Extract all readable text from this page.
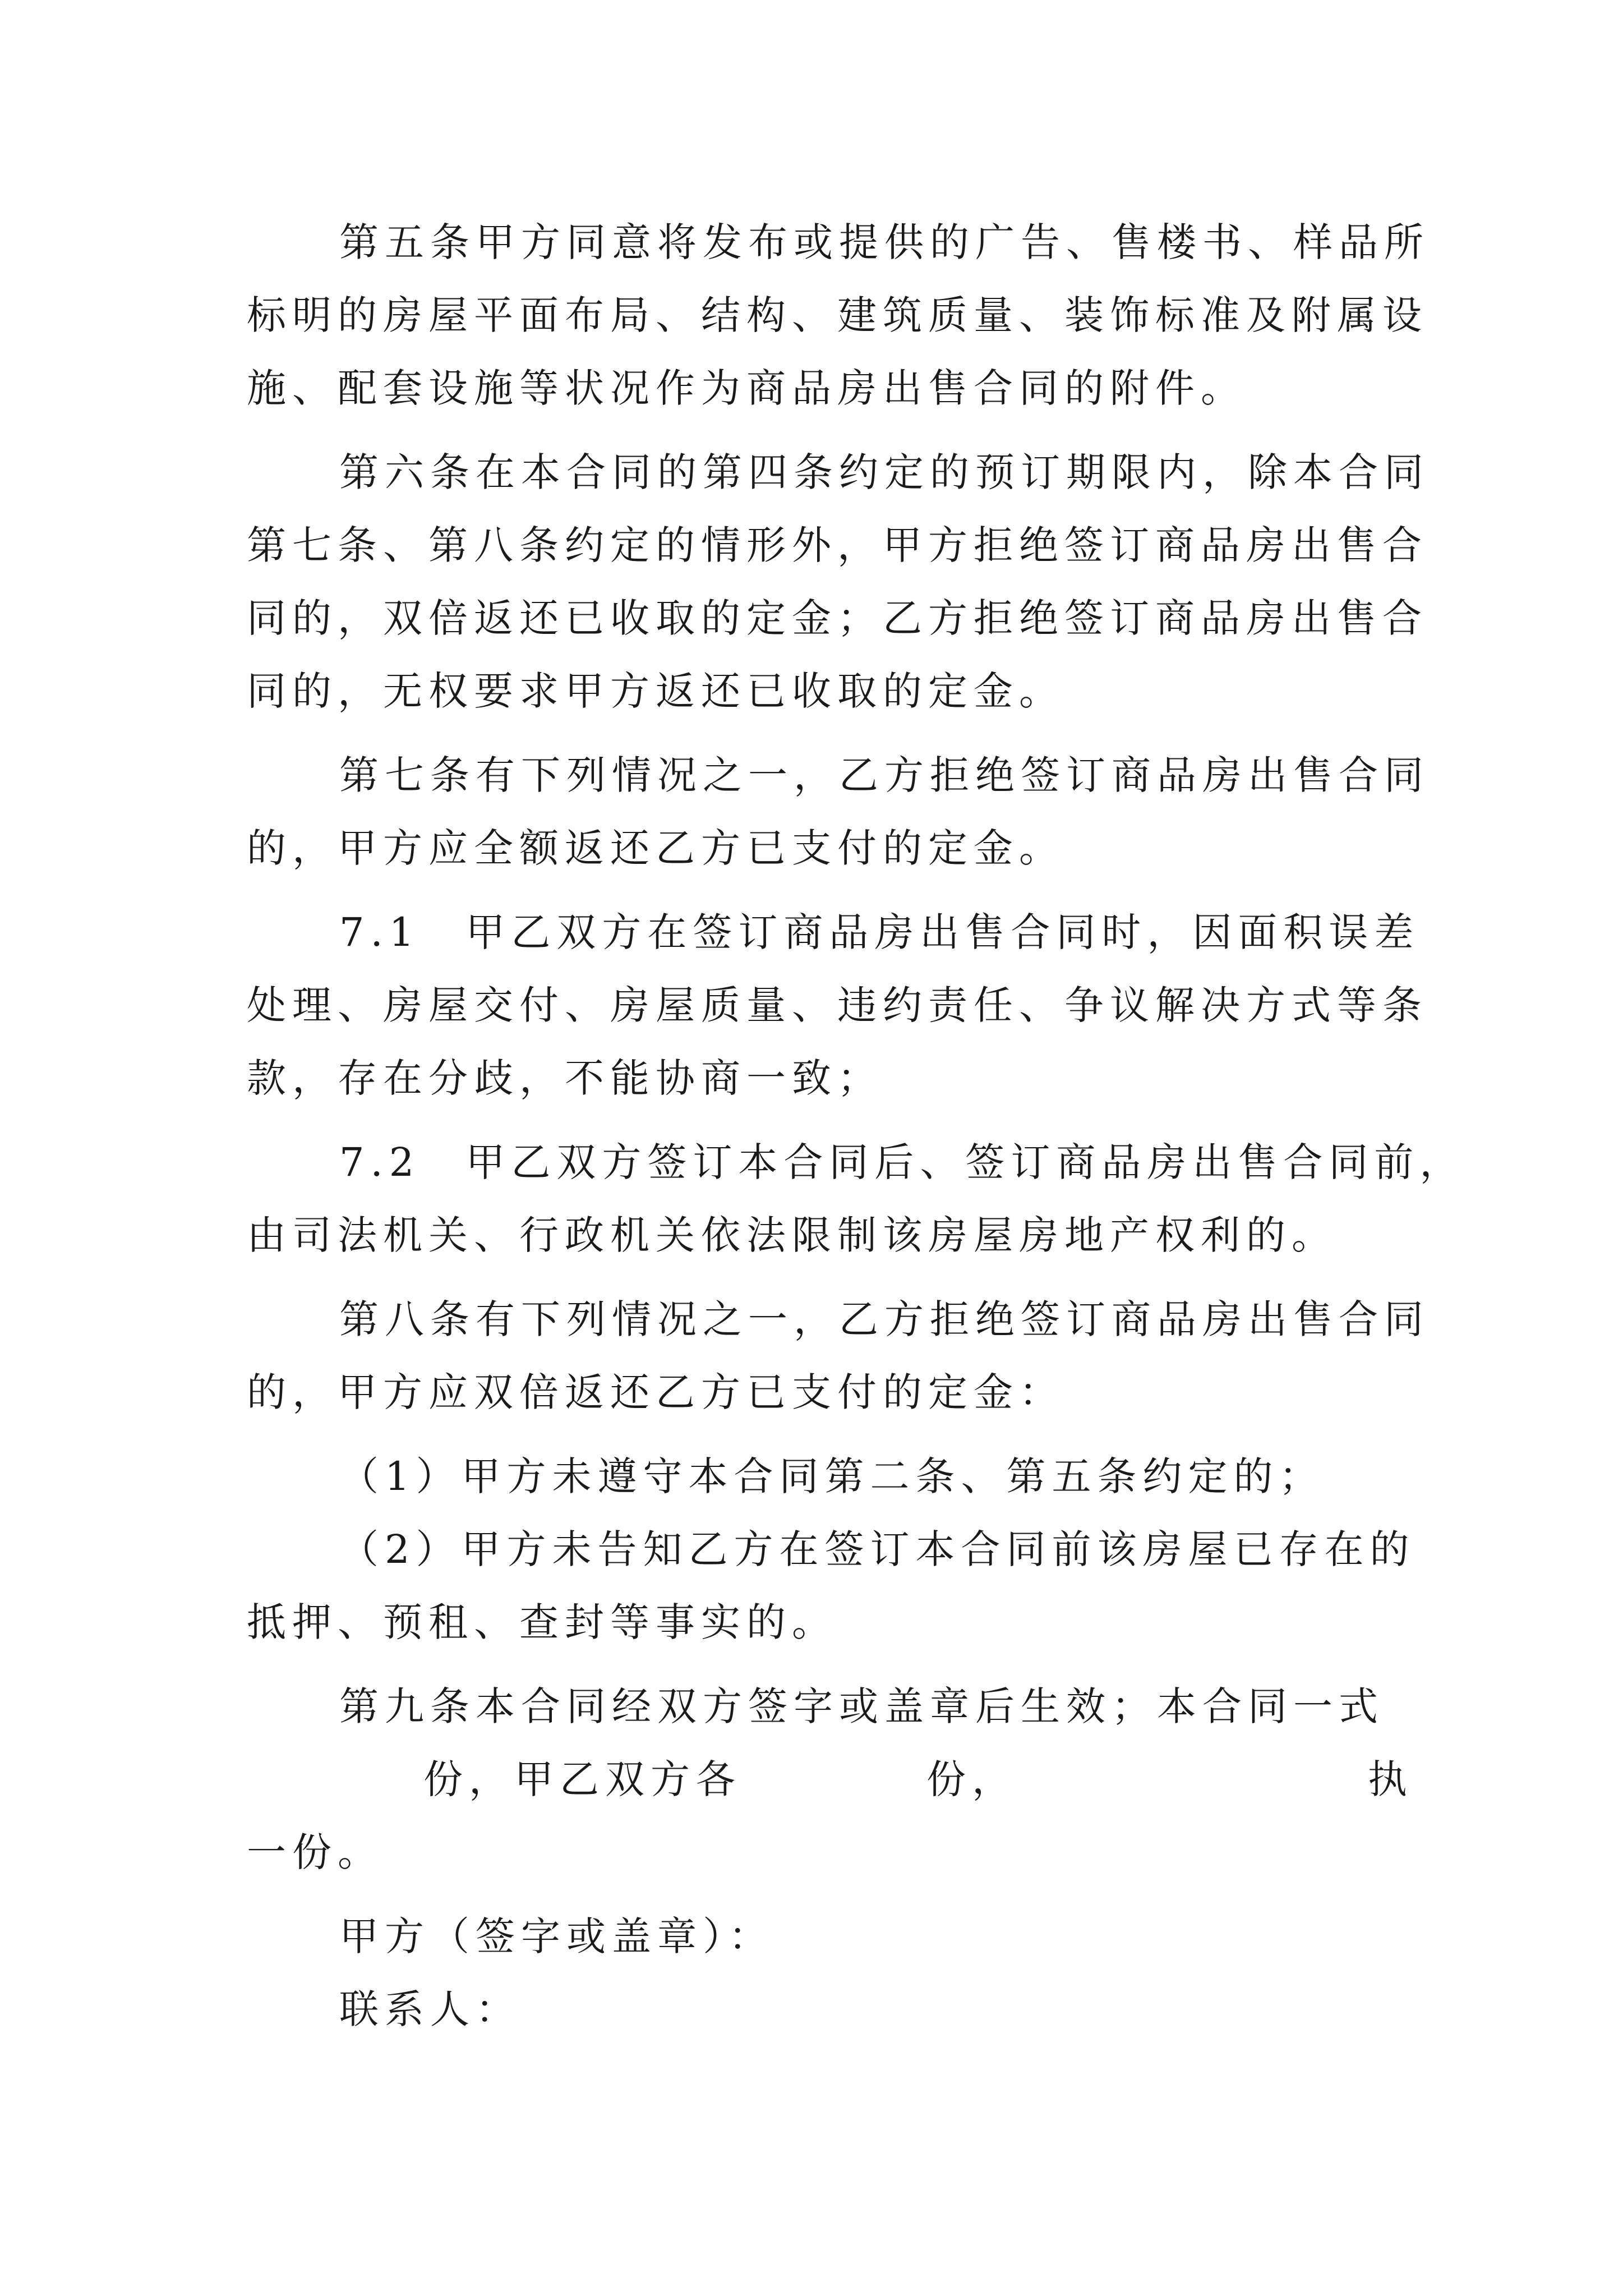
第五条甲方同意将发布或提供的广告、售楼书、样品所

标明的房屋平面布局、结构、建筑质量、装饰标准及附属设

施、配套设施等状况作为商品房出售合同的附件。

第六条在本合同的第四条约定的预订期限内，除本合同

第七条、第八条约定的情形外，甲方拒绝签订商品房出售合

同的，双倍返还已收取的定金；乙方拒绝签订商品房出售合

同的，无权要求甲方返还已收取的定金。

第七条有下列情况之一，乙方拒绝签订商品房出售合同

的，甲方应全额返还乙方已支付的定金。

7.1　甲乙双方在签订商品房出售合同时，因面积误差

处理、房屋交付、房屋质量、违约责任、争议解决方式等条

款，存在分歧，不能协商一致；

7.2　甲乙双方签订本合同后、签订商品房出售合同前，

由司法机关、行政机关依法限制该房屋房地产权利的。

第八条有下列情况之一，乙方拒绝签订商品房出售合同

的，甲方应双倍返还乙方已支付的定金：

（1）甲方未遵守本合同第二条、第五条约定的；

（2）甲方未告知乙方在签订本合同前该房屋已存在的

抵押、预租、查封等事实的。

第九条本合同经双方签字或盖章后生效；本合同一式

份，甲乙双方各	份，	执

一份。

甲方（签字或盖章）：

联系人：
